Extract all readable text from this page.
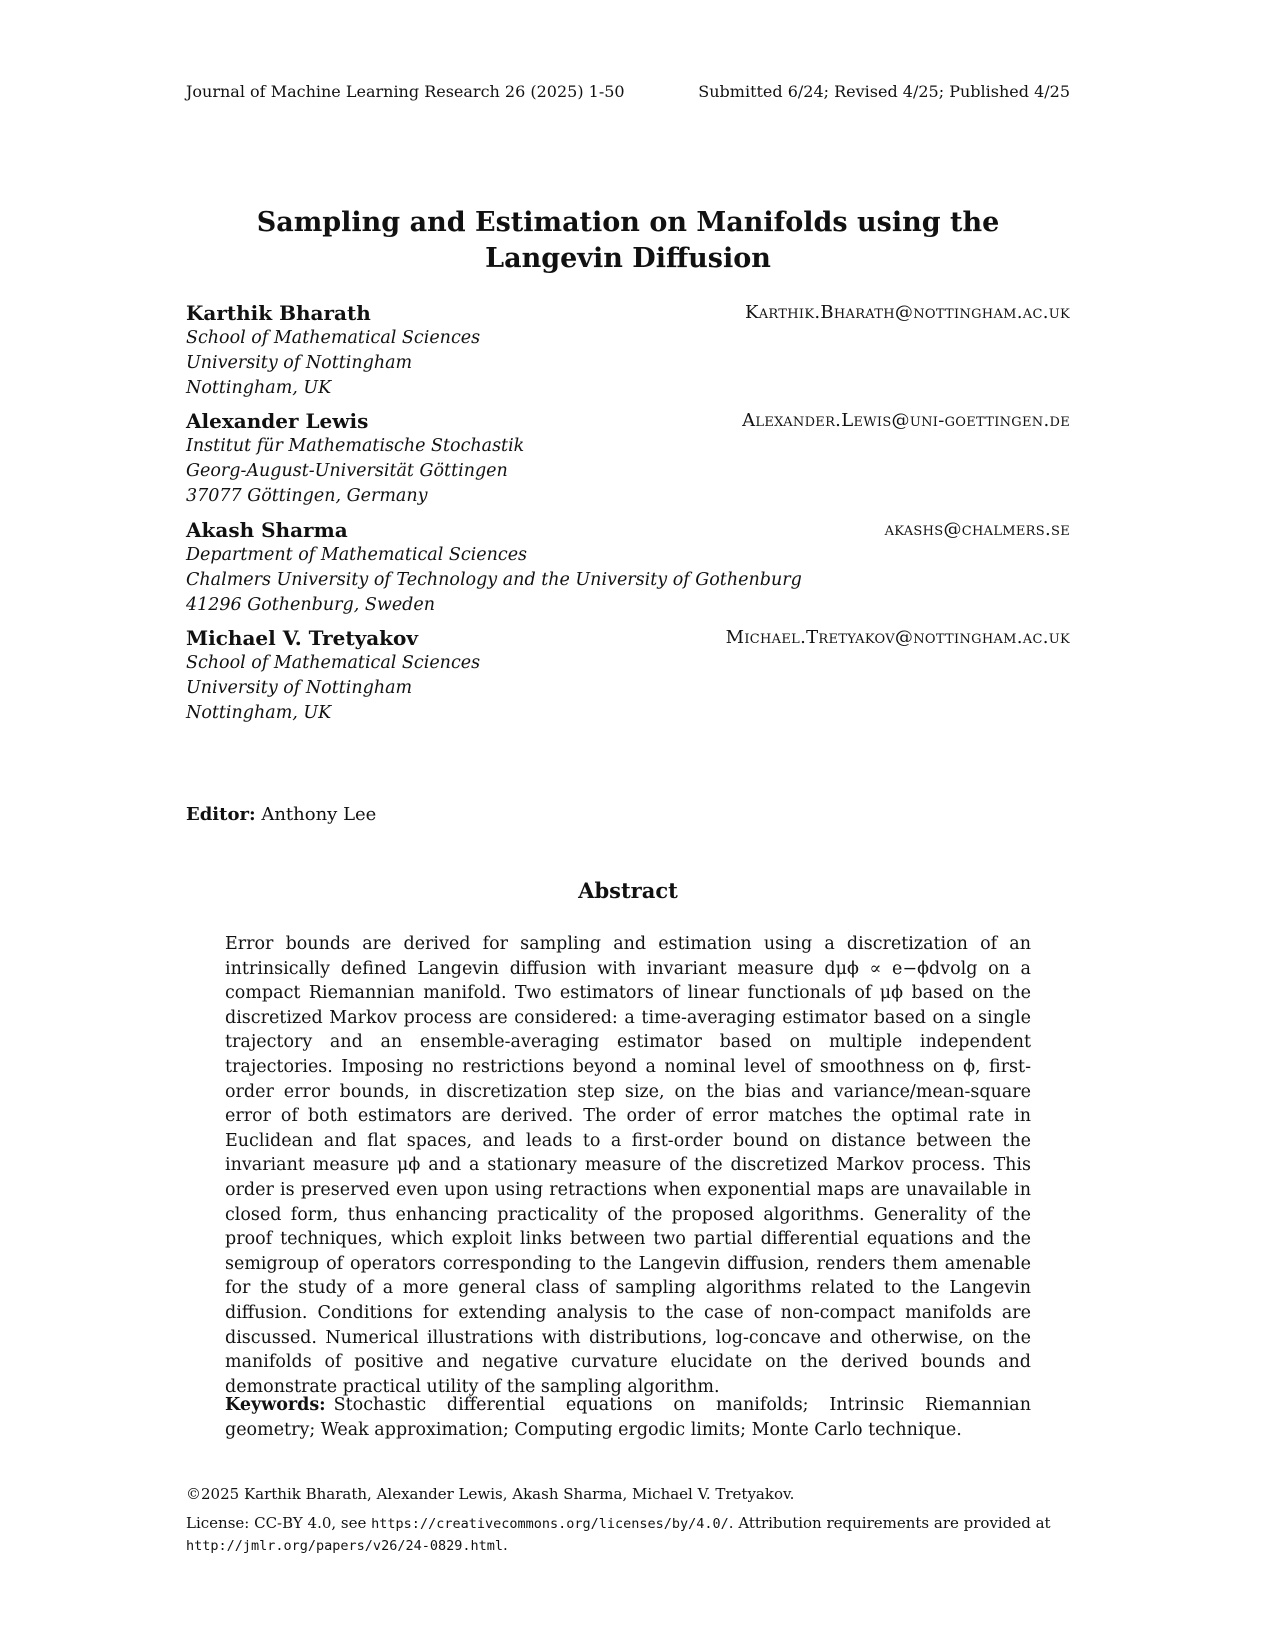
Journal of Machine Learning Research 26 (2025) 1-50	Submitted 6/24; Revised 4/25; Published 4/25
Sampling and Estimation on Manifolds using the Langevin Diffusion
Karthik Bharath	Karthik.Bharath@nottingham.ac.uk
School of Mathematical Sciences
University of Nottingham
Nottingham, UK
Alexander Lewis	Alexander.Lewis@uni-goettingen.de
Institut für Mathematische Stochastik
Georg-August-Universität Göttingen
37077 Göttingen, Germany
Akash Sharma	akashs@chalmers.se
Department of Mathematical Sciences
Chalmers University of Technology and the University of Gothenburg
41296 Gothenburg, Sweden
Michael V. Tretyakov	Michael.Tretyakov@nottingham.ac.uk
School of Mathematical Sciences
University of Nottingham
Nottingham, UK
Editor: Anthony Lee
Abstract
Error bounds are derived for sampling and estimation using a discretization of an intrinsically defined Langevin diffusion with invariant measure dμϕ ∝ e−ϕdvolg on a compact Riemannian manifold. Two estimators of linear functionals of μϕ based on the discretized Markov process are considered: a time-averaging estimator based on a single trajectory and an ensemble-averaging estimator based on multiple independent trajectories. Imposing no restrictions beyond a nominal level of smoothness on ϕ, first-order error bounds, in discretization step size, on the bias and variance/mean-square error of both estimators are derived. The order of error matches the optimal rate in Euclidean and flat spaces, and leads to a first-order bound on distance between the invariant measure μϕ and a stationary measure of the discretized Markov process. This order is preserved even upon using retractions when exponential maps are unavailable in closed form, thus enhancing practicality of the proposed algorithms. Generality of the proof techniques, which exploit links between two partial differential equations and the semigroup of operators corresponding to the Langevin diffusion, renders them amenable for the study of a more general class of sampling algorithms related to the Langevin diffusion. Conditions for extending analysis to the case of non-compact manifolds are discussed. Numerical illustrations with distributions, log-concave and otherwise, on the manifolds of positive and negative curvature elucidate on the derived bounds and demonstrate practical utility of the sampling algorithm.
Keywords: Stochastic differential equations on manifolds; Intrinsic Riemannian geometry; Weak approximation; Computing ergodic limits; Monte Carlo technique.
©2025 Karthik Bharath, Alexander Lewis, Akash Sharma, Michael V. Tretyakov.
License: CC-BY 4.0, see https://creativecommons.org/licenses/by/4.0/. Attribution requirements are provided at http://jmlr.org/papers/v26/24-0829.html.
